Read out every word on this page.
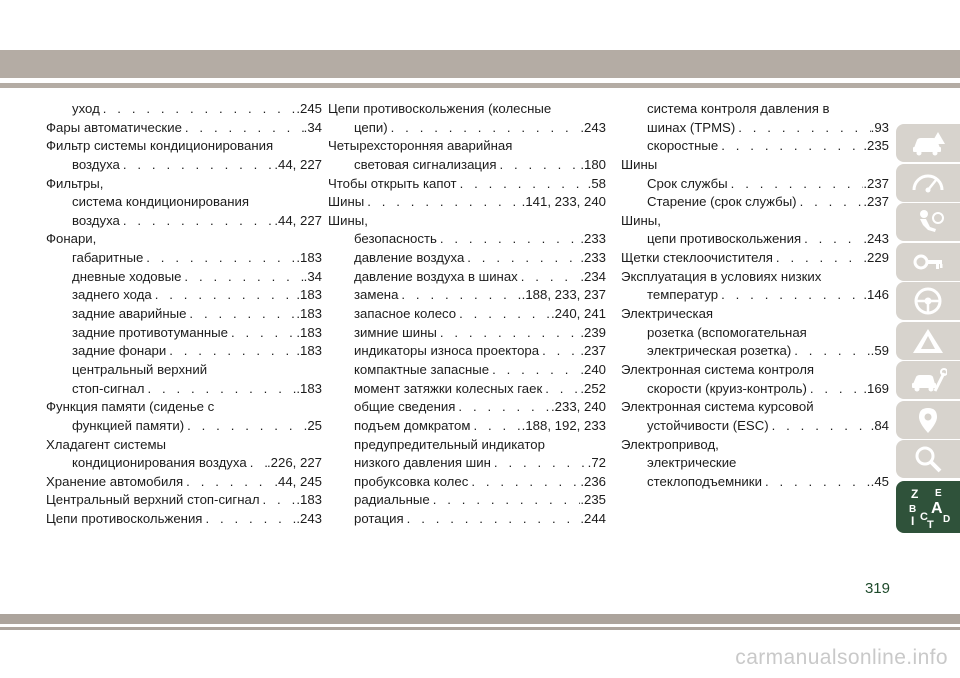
уход . . .	.245
Фары автоматические . . .	.34
Фильтр системы кондиционирования
воздуха . . .	.44, 227
Фильтры,
система кондиционирования
воздуха . . .	.44, 227
Фонари,
габаритные . . .	.183
дневные ходовые . . .	.34
заднего хода . . .	.183
задние аварийные . . .	.183
задние противотуманные . . .	.183
задние фонари . . .	.183
центральный верхний
стоп-сигнал . . .	.183
Функция памяти (сиденье с
функцией памяти) . . .	.25
Хладагент системы
кондиционирования воздуха . . . .226, 227
Хранение автомобиля . . .	.44, 245
Центральный верхний стоп-сигнал . . .	.183
Цепи противоскольжения . . .	.243
Цепи противоскольжения (колесные
цепи) . . .	.243
Четырехсторонняя аварийная
световая сигнализация . . .	.180
Чтобы открыть капот . . .	.58
Шины . . .	.141, 233, 240
Шины,
безопасность . . .	.233
давление воздуха . . .	.233
давление воздуха в шинах . . .	.234
замена . . .	.188, 233, 237
запасное колесо . . .	.240, 241
зимние шины . . .	.239
индикаторы износа проектора . . .	.237
компактные запасные . . .	.240
момент затяжки колесных гаек . . .	.252
общие сведения . . .	.233, 240
подъем домкратом . . .	.188, 192, 233
предупредительный индикатор
низкого давления шин . . .	.72
пробуксовка колес . . .	.236
радиальные . . .	.235
ротация . . .	.244
система контроля давления в
шинах (TPMS) . . .	.93
скоростные . . .	.235
Шины
Срок службы . . .	.237
Старение (срок службы) . . .	.237
Шины,
цепи противоскольжения . . .	.243
Щетки стеклоочистителя . . .	.229
Эксплуатация в условиях низких
температур . . .	.146
Электрическая
розетка (вспомогательная
электрическая розетка) . . .	.59
Электронная система контроля
скорости (круиз-контроль) . . .	.169
Электронная система курсовой
устойчивости (ESC) . . .	.84
Электропривод,
электрические
стеклоподъемники . . .	.45
Z E
B A
D
I C
T
319
carmanualsonline.info
